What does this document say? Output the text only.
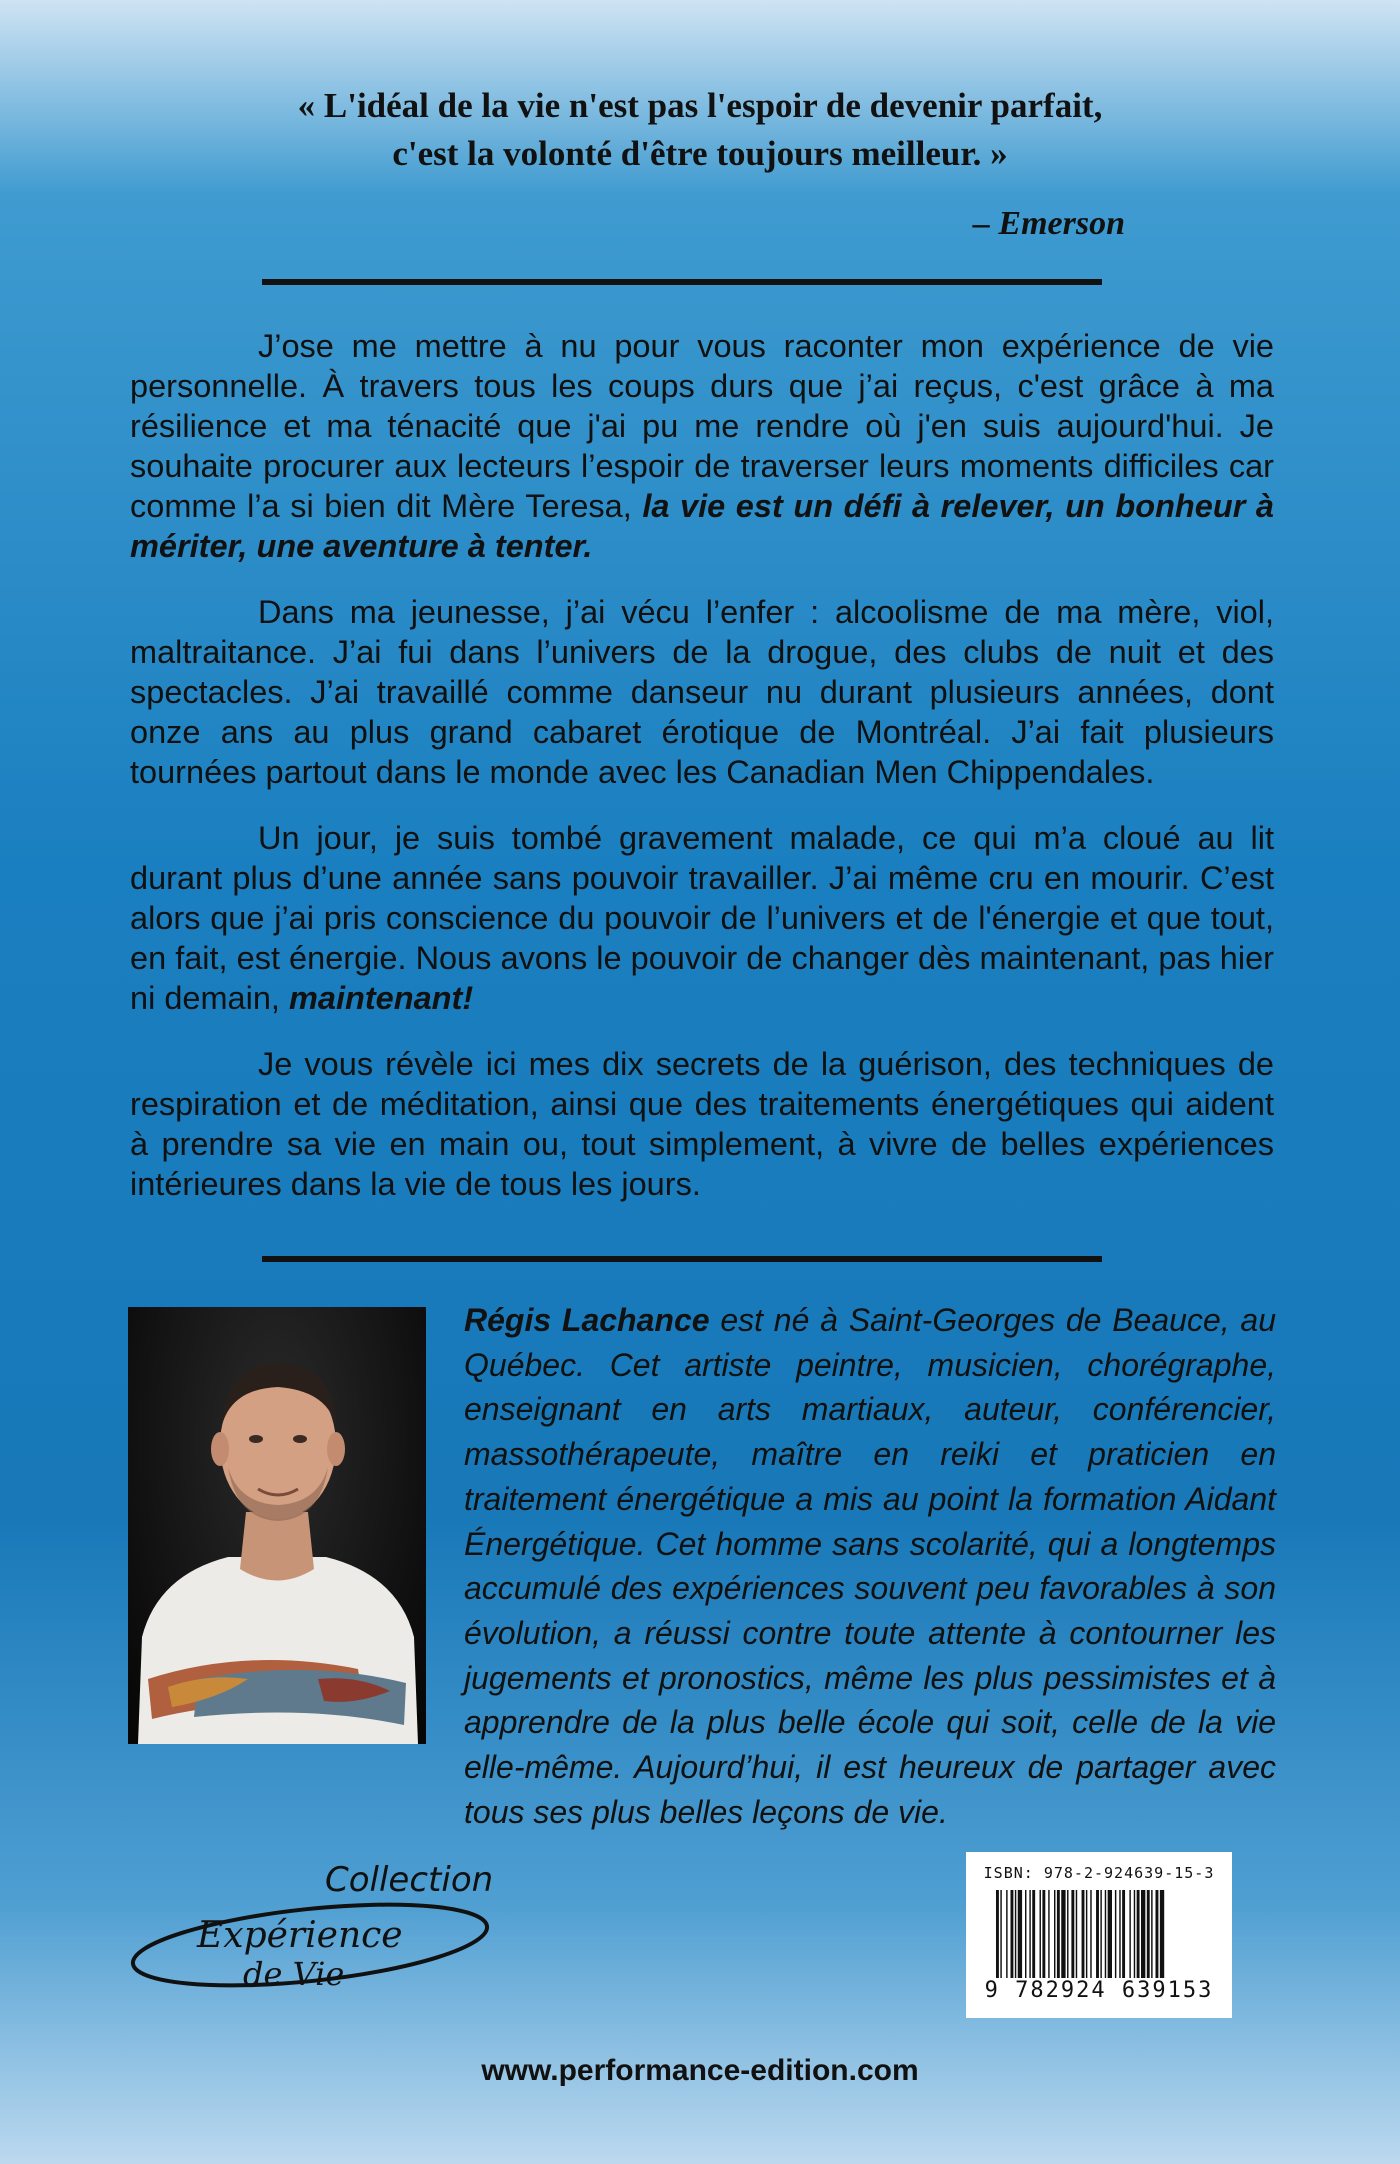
« L'idéal de la vie n'est pas l'espoir de devenir parfait,

c'est la volonté d'être toujours meilleur. »

– Emerson

J’ose me mettre à nu pour vous raconter mon expérience de vie personnelle. À travers tous les coups durs que j’ai reçus, c'est grâce à ma résilience et ma ténacité que j'ai pu me rendre où j'en suis aujourd'hui. Je souhaite procurer aux lecteurs l’espoir de traverser leurs moments difficiles car comme l’a si bien dit Mère Teresa, la vie est un défi à relever, un bonheur à mériter, une aventure à tenter.

Dans ma jeunesse, j’ai vécu l’enfer : alcoolisme de ma mère, viol, maltraitance. J’ai fui dans l’univers de la drogue, des clubs de nuit et des spectacles. J’ai travaillé comme danseur nu durant plusieurs années, dont onze ans au plus grand cabaret érotique de Montréal. J’ai fait plusieurs tournées partout dans le monde avec les Canadian Men Chippendales.

Un jour, je suis tombé gravement malade, ce qui m’a cloué au lit durant plus d’une année sans pouvoir travailler. J’ai même cru en mourir. C’est alors que j’ai pris conscience du pouvoir de l’univers et de l'énergie et que tout, en fait, est énergie. Nous avons le pouvoir de changer dès maintenant, pas hier ni demain, maintenant!

Je vous révèle ici mes dix secrets de la guérison, des techniques de respiration et de méditation, ainsi que des traitements énergétiques qui aident à prendre sa vie en main ou, tout simplement, à vivre de belles expériences intérieures dans la vie de tous les jours.

Régis Lachance est né à Saint-Georges de Beauce, au Québec. Cet artiste peintre, musicien, chorégraphe, enseignant en arts martiaux, auteur, conférencier, massothérapeute, maître en reiki et praticien en traitement énergétique a mis au point la formation Aidant Énergétique. Cet homme sans scolarité, qui a longtemps accumulé des expériences souvent peu favorables à son évolution, a réussi contre toute attente à contourner les jugements et pronostics, même les plus pessimistes et à apprendre de la plus belle école qui soit, celle de la vie elle-même. Aujourd’hui, il est heureux de partager avec tous ses plus belles leçons de vie.

Collection
Expérience
de Vie
ISBN: 978-2-924639-15-3
9 782924 639153
www.performance-edition.com
